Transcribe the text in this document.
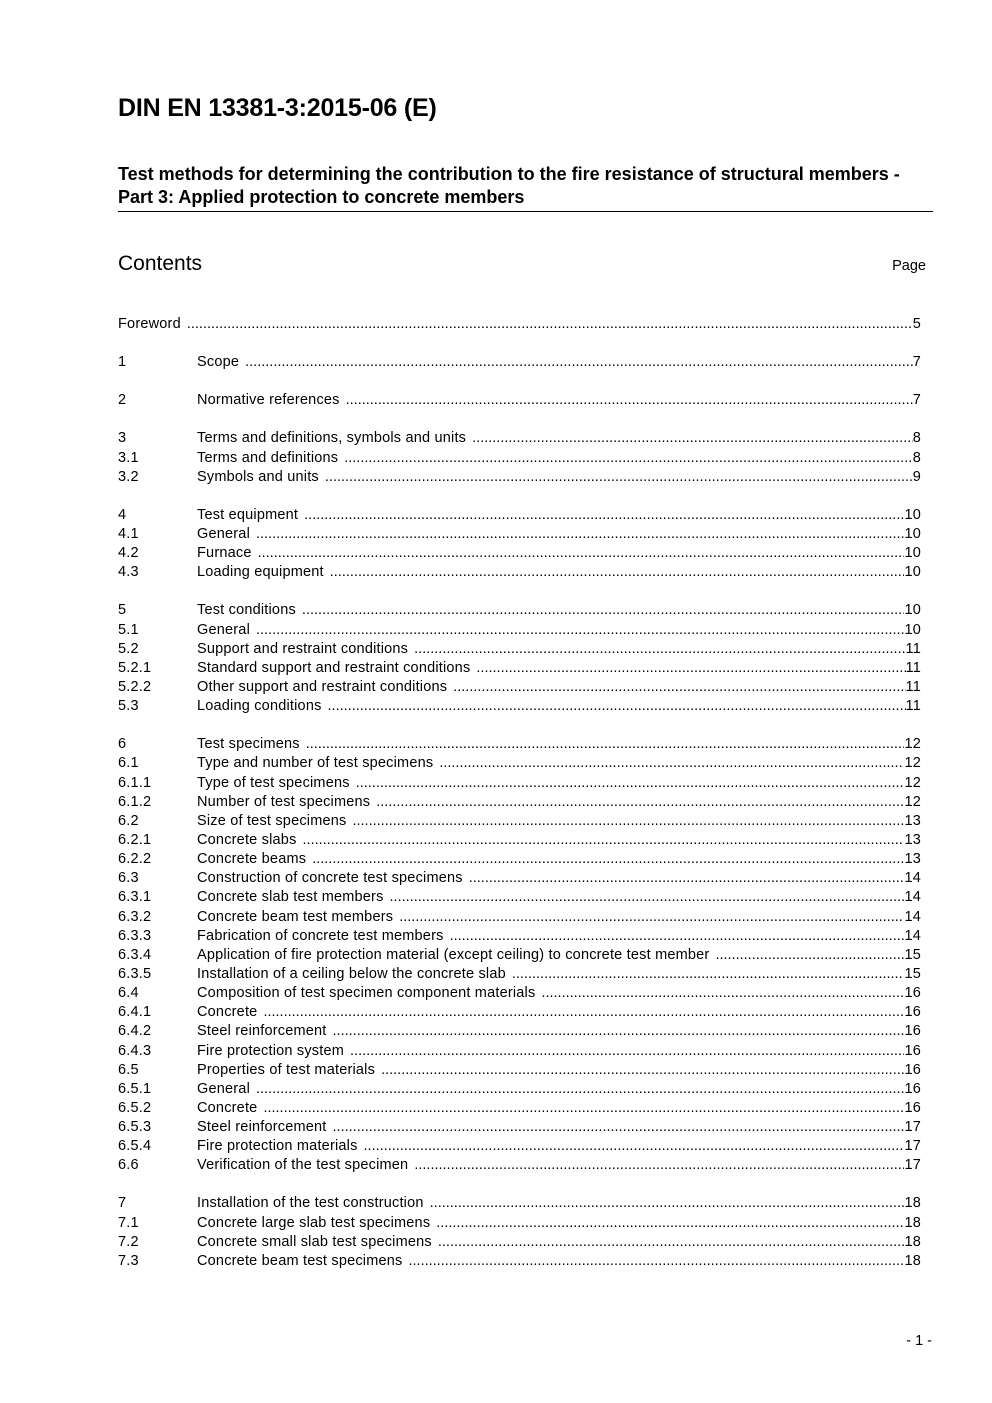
DIN EN 13381-3:2015-06 (E)
Test methods for determining the contribution to the fire resistance of structural members - Part 3: Applied protection to concrete members
Contents	Page
Foreword .....	5
1	Scope .....	7
2	Normative references .....	7
3	Terms and definitions, symbols and units .....	8
3.1	Terms and definitions .....	8
3.2	Symbols and units .....	9
4	Test equipment .....	10
4.1	General .....	10
4.2	Furnace .....	10
4.3	Loading equipment .....	10
5	Test conditions .....	10
5.1	General .....	10
5.2	Support and restraint conditions .....	11
5.2.1	Standard support and restraint conditions .....	11
5.2.2	Other support and restraint conditions .....	11
5.3	Loading conditions .....	11
6	Test specimens .....	12
6.1	Type and number of test specimens .....	12
6.1.1	Type of test specimens .....	12
6.1.2	Number of test specimens .....	12
6.2	Size of test specimens .....	13
6.2.1	Concrete slabs .....	13
6.2.2	Concrete beams .....	13
6.3	Construction of concrete test specimens .....	14
6.3.1	Concrete slab test members .....	14
6.3.2	Concrete beam test members .....	14
6.3.3	Fabrication of concrete test members .....	14
6.3.4	Application of fire protection material (except ceiling) to concrete test member .....	15
6.3.5	Installation of a ceiling below the concrete slab .....	15
6.4	Composition of test specimen component materials .....	16
6.4.1	Concrete .....	16
6.4.2	Steel reinforcement .....	16
6.4.3	Fire protection system .....	16
6.5	Properties of test materials .....	16
6.5.1	General .....	16
6.5.2	Concrete .....	16
6.5.3	Steel reinforcement .....	17
6.5.4	Fire protection materials .....	17
6.6	Verification of the test specimen .....	17
7	Installation of the test construction .....	18
7.1	Concrete large slab test specimens .....	18
7.2	Concrete small slab test specimens .....	18
7.3	Concrete beam test specimens .....	18
- 1 -
